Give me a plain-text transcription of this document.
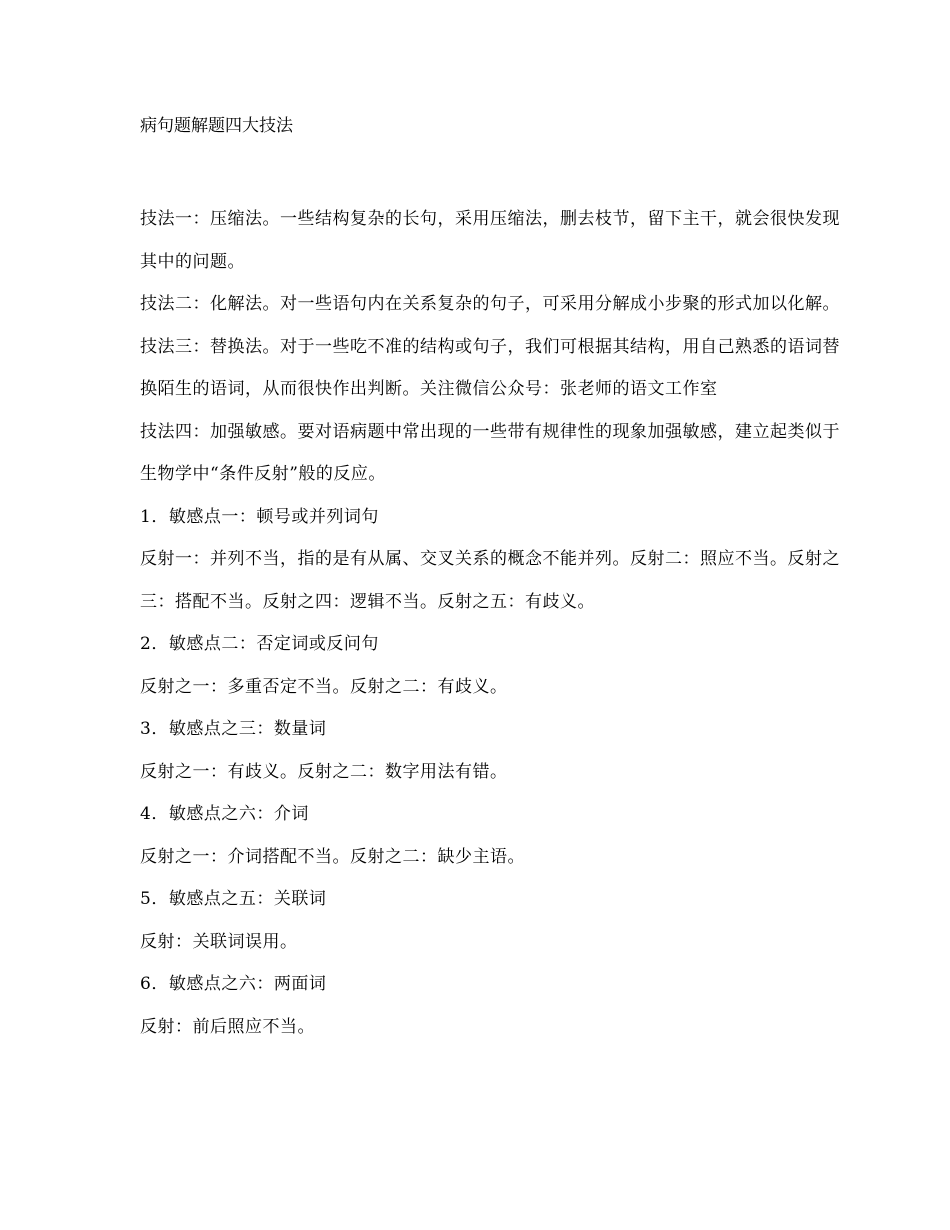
病句题解题四大技法

技法一：压缩法。一些结构复杂的长句，采用压缩法，删去枝节，留下主干，就会很快发现其中的问题。

技法二：化解法。对一些语句内在关系复杂的句子，可采用分解成小步聚的形式加以化解。

技法三：替换法。对于一些吃不准的结构或句子，我们可根据其结构，用自己熟悉的语词替换陌生的语词，从而很快作出判断。关注微信公众号：张老师的语文工作室

技法四：加强敏感。要对语病题中常出现的一些带有规律性的现象加强敏感，建立起类似于生物学中“条件反射”般的反应。

1．敏感点一：顿号或并列词句

反射一：并列不当，指的是有从属、交叉关系的概念不能并列。反射二：照应不当。反射之三：搭配不当。反射之四：逻辑不当。反射之五：有歧义。

2．敏感点二：否定词或反问句

反射之一：多重否定不当。反射之二：有歧义。

3．敏感点之三：数量词

反射之一：有歧义。反射之二：数字用法有错。

4．敏感点之六：介词

反射之一：介词搭配不当。反射之二：缺少主语。

5．敏感点之五：关联词

反射：关联词误用。

6．敏感点之六：两面词

反射：前后照应不当。
